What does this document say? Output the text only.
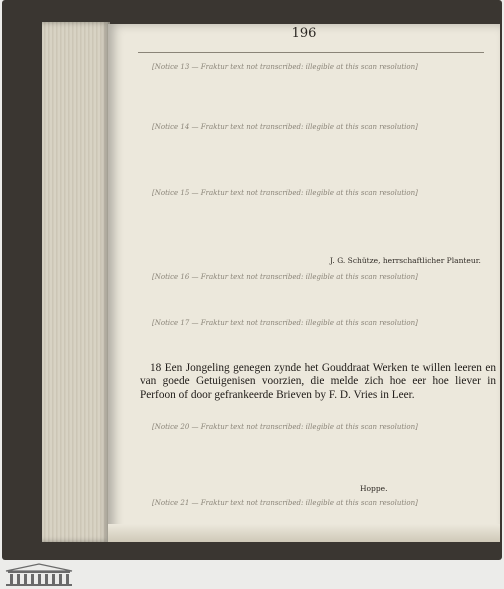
196

[Notice 13 — Fraktur text not transcribed: illegible at this scan resolution]

[Notice 14 — Fraktur text not transcribed: illegible at this scan resolution]

[Notice 15 — Fraktur text not transcribed: illegible at this scan resolution]

J. G. Schütze, herrschaftlicher Planteur.

[Notice 16 — Fraktur text not transcribed: illegible at this scan resolution]

[Notice 17 — Fraktur text not transcribed: illegible at this scan resolution]

18 Een Jongeling genegen zynde het Gouddraat Werken te willen leeren en van goede Getuigenisen voorzien, die melde zich hoe eer hoe liever in Perfoon of door gefrankeerde Brieven by F. D. Vries in Leer.

[Notice 20 — Fraktur text not transcribed: illegible at this scan resolution]

Hoppe.

[Notice 21 — Fraktur text not transcribed: illegible at this scan resolution]
